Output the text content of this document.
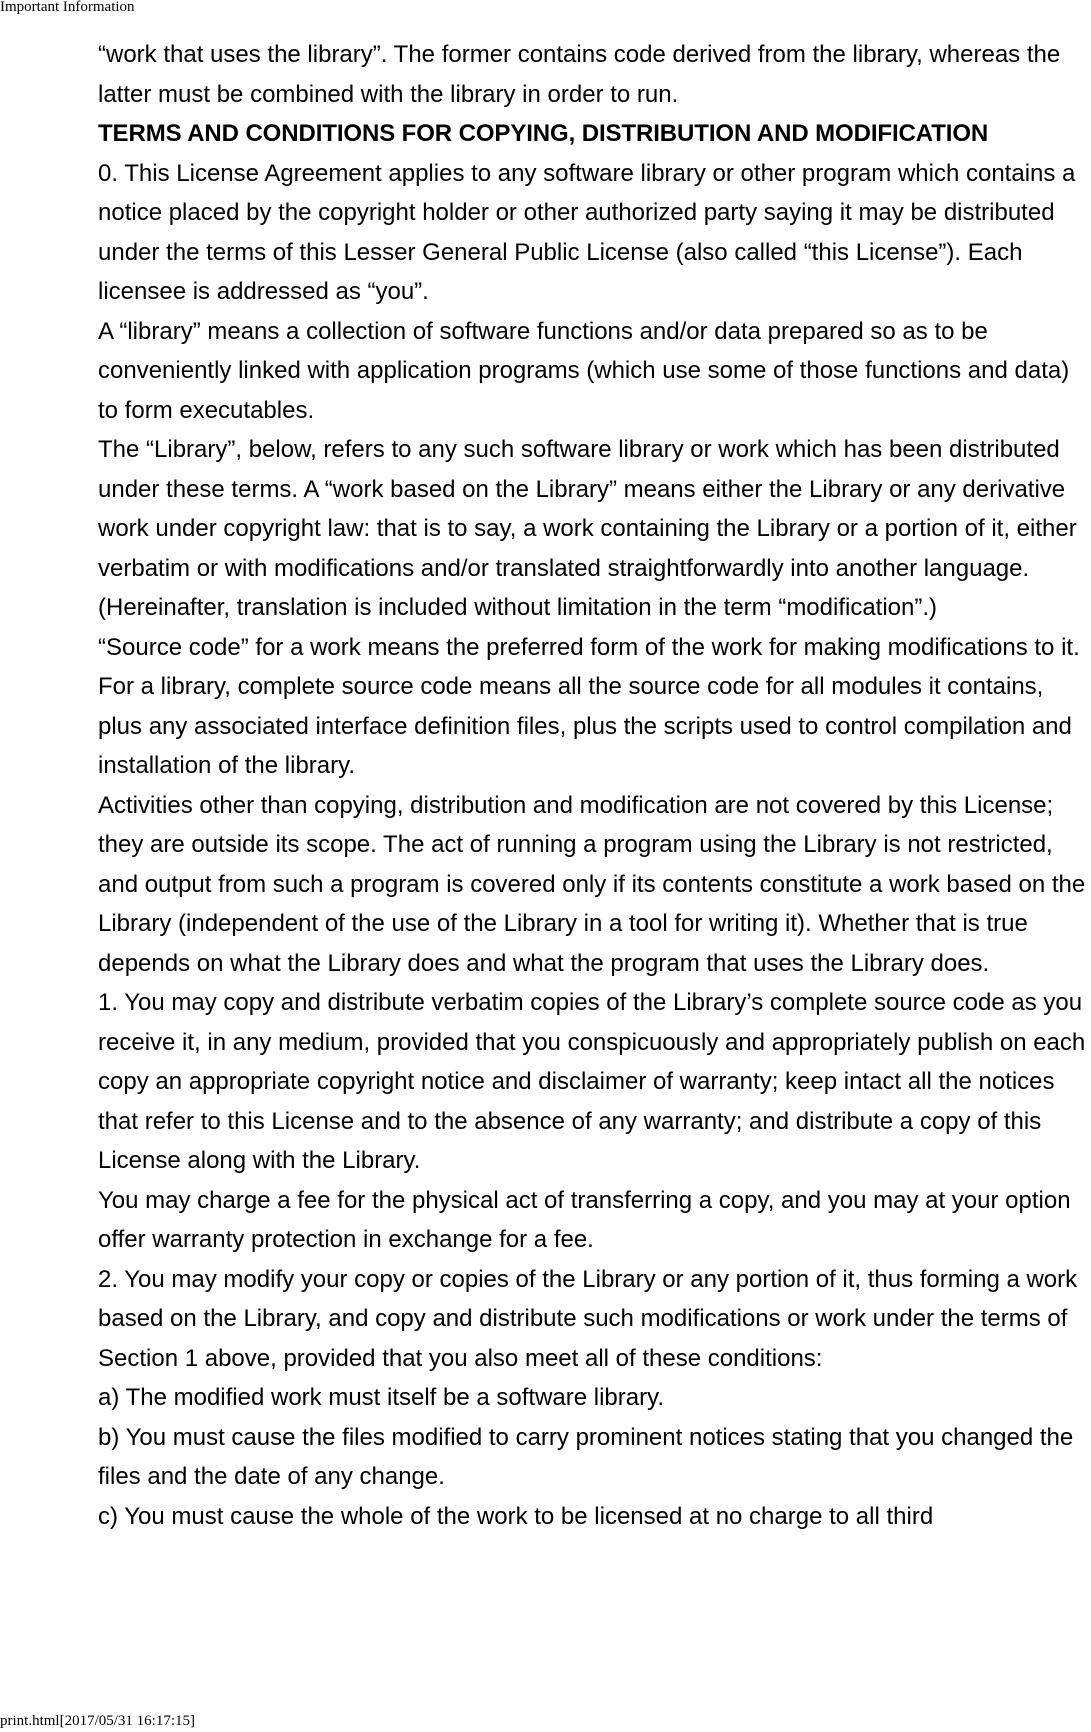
Important Information

“work that uses the library”. The former contains code derived from the library, whereas the latter must be combined with the library in order to run.

TERMS AND CONDITIONS FOR COPYING, DISTRIBUTION AND MODIFICATION

0. This License Agreement applies to any software library or other program which contains a notice placed by the copyright holder or other authorized party saying it may be distributed under the terms of this Lesser General Public License (also called “this License”). Each licensee is addressed as “you”.

A “library” means a collection of software functions and/or data prepared so as to be conveniently linked with application programs (which use some of those functions and data) to form executables.

The “Library”, below, refers to any such software library or work which has been distributed under these terms. A “work based on the Library” means either the Library or any derivative work under copyright law: that is to say, a work containing the Library or a portion of it, either verbatim or with modifications and/or translated straightforwardly into another language. (Hereinafter, translation is included without limitation in the term “modification”.)

“Source code” for a work means the preferred form of the work for making modifications to it. For a library, complete source code means all the source code for all modules it contains, plus any associated interface definition files, plus the scripts used to control compilation and installation of the library.

Activities other than copying, distribution and modification are not covered by this License; they are outside its scope. The act of running a program using the Library is not restricted, and output from such a program is covered only if its contents constitute a work based on the Library (independent of the use of the Library in a tool for writing it). Whether that is true depends on what the Library does and what the program that uses the Library does.

1. You may copy and distribute verbatim copies of the Library’s complete source code as you receive it, in any medium, provided that you conspicuously and appropriately publish on each copy an appropriate copyright notice and disclaimer of warranty; keep intact all the notices that refer to this License and to the absence of any warranty; and distribute a copy of this License along with the Library.

You may charge a fee for the physical act of transferring a copy, and you may at your option offer warranty protection in exchange for a fee.

2. You may modify your copy or copies of the Library or any portion of it, thus forming a work based on the Library, and copy and distribute such modifications or work under the terms of Section 1 above, provided that you also meet all of these conditions:

a) The modified work must itself be a software library.

b) You must cause the files modified to carry prominent notices stating that you changed the files and the date of any change.

c) You must cause the whole of the work to be licensed at no charge to all third

print.html[2017/05/31 16:17:15]
